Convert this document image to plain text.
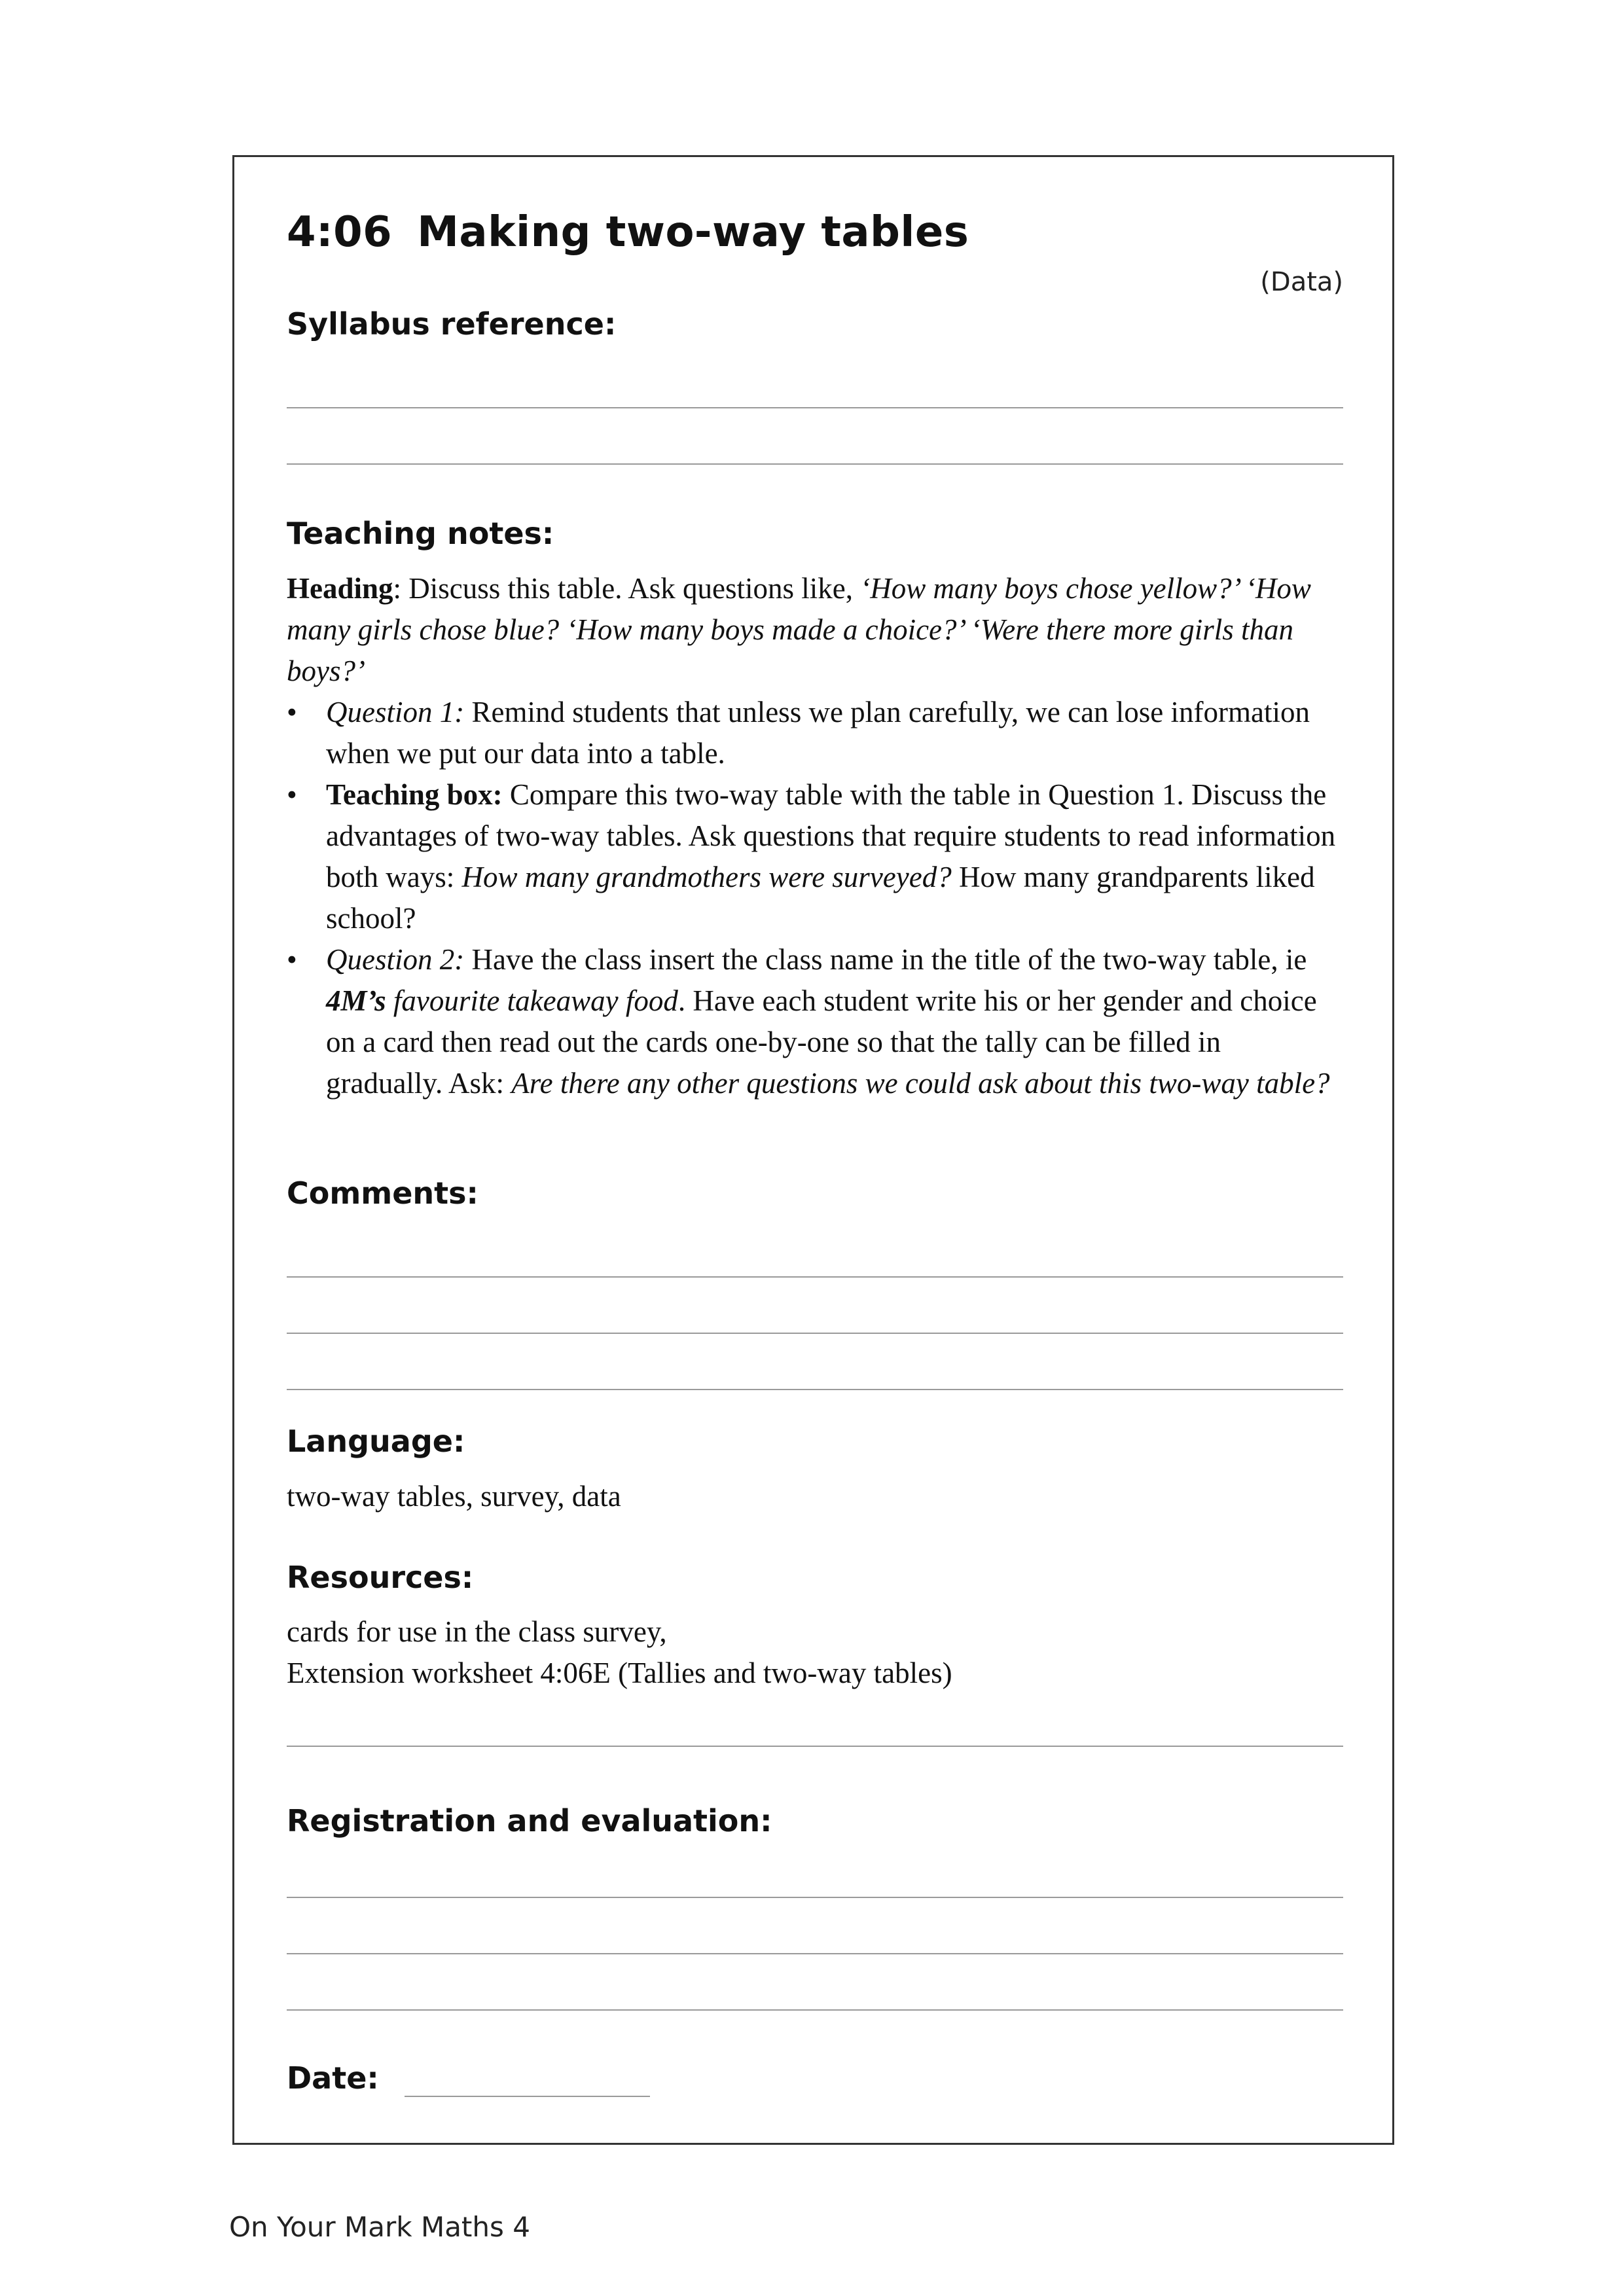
4:06 Making two-way tables
(Data)
Syllabus reference:
Teaching notes:

Heading: Discuss this table. Ask questions like, ‘How many boys chose yellow?’ ‘How many girls chose blue? ‘How many boys made a choice?’ ‘Were there more girls than boys?’

• Question 1: Remind students that unless we plan carefully, we can lose information when we put our data into a table.
• Teaching box: Compare this two-way table with the table in Question 1. Discuss the advantages of two-way tables. Ask questions that require students to read information both ways: How many grandmothers were surveyed? How many grandparents liked school?
• Question 2: Have the class insert the class name in the title of the two-way table, ie 4M’s favourite takeaway food. Have each student write his or her gender and choice on a card then read out the cards one-by-one so that the tally can be filled in gradually. Ask: Are there any other questions we could ask about this two-way table?
Comments:
Language:
two-way tables, survey, data
Resources:

cards for use in the class survey,

Extension worksheet 4:06E (Tallies and two-way tables)

Registration and evaluation:
Date:
On Your Mark Maths 4
